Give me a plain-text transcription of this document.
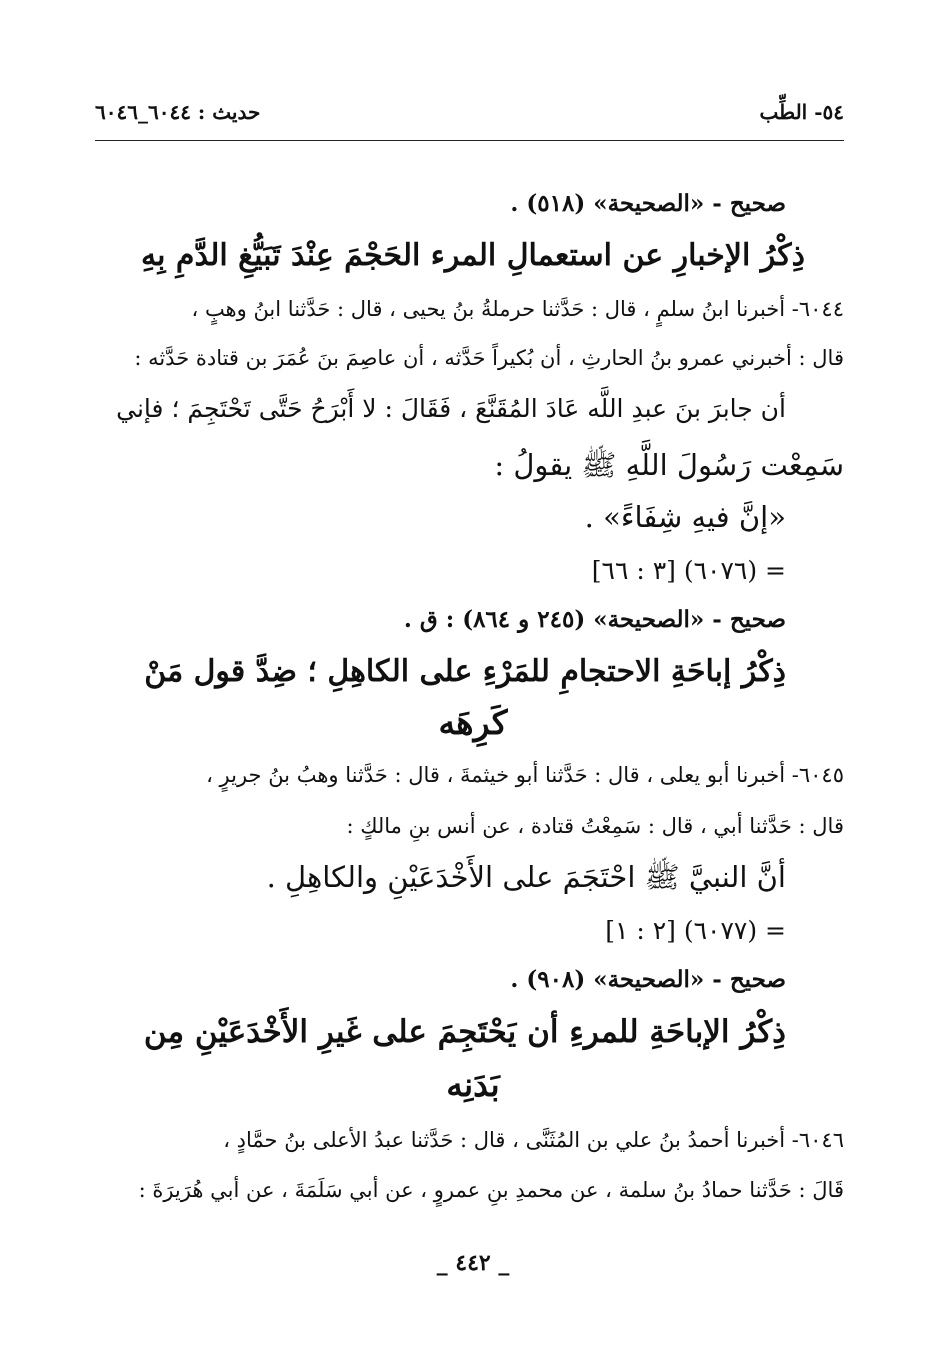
٥٤- الطِّب
حديث : ٦٠٤٤_٦٠٤٦
صحيح - «الصحيحة» (٥١٨) .
ذِكْرُ الإخبارِ عن استعمالِ المرء الحَجْمَ عِنْدَ تَبَيُّغِ الدَّمِ بِهِ
٦٠٤٤- أخبرنا ابنُ سلمٍ ، قال : حَدَّثنا حرملةُ بنُ يحيى ، قال : حَدَّثنا ابنُ وهبٍ ،
قال : أخبرني عمرو بنُ الحارثِ ، أن بُكيراً حَدَّثه ، أن عاصِمَ بنَ عُمَرَ بن قتادة حَدَّثه :
أن جابرَ بنَ عبدِ اللَّه عَادَ المُقَنَّعَ ، فَقَالَ : لا أَبْرَحُ حَتَّى تَحْتَجِمَ ؛ فإني
سَمِعْت رَسُولَ اللَّهِ ﷺ يقولُ :
«إنَّ فيهِ شِفَاءً» .
= (٦٠٧٦) [٣ : ٦٦]
صحيح - «الصحيحة» (٢٤٥ و ٨٦٤) : ق .
ذِكْرُ إباحَةِ الاحتجامِ للمَرْءِ على الكاهِلِ ؛ ضِدَّ قول مَنْ
كَرِهَه
٦٠٤٥- أخبرنا أبو يعلى ، قال : حَدَّثنا أبو خيثمةَ ، قال : حَدَّثنا وهبُ بنُ جريرٍ ،
قال : حَدَّثنا أبي ، قال : سَمِعْتُ قتادة ، عن أنس بنِ مالكٍ :
أنَّ النبيَّ ﷺ احْتَجَمَ على الأَخْدَعَيْنِ والكاهِلِ .
= (٦٠٧٧) [٢ : ١]
صحيح - «الصحيحة» (٩٠٨) .
ذِكْرُ الإباحَةِ للمرءِ أن يَحْتَجِمَ على غَيرِ الأَخْدَعَيْنِ مِن
بَدَنِه
٦٠٤٦- أخبرنا أحمدُ بنُ علي بن المُثَنَّى ، قال : حَدَّثنا عبدُ الأعلى بنُ حمَّادٍ ،
قَالَ : حَدَّثنا حمادُ بنُ سلمة ، عن محمدِ بنِ عمروٍ ، عن أبي سَلَمَةَ ، عن أبي هُرَيرَةَ :
_ ٤٤٢ _
